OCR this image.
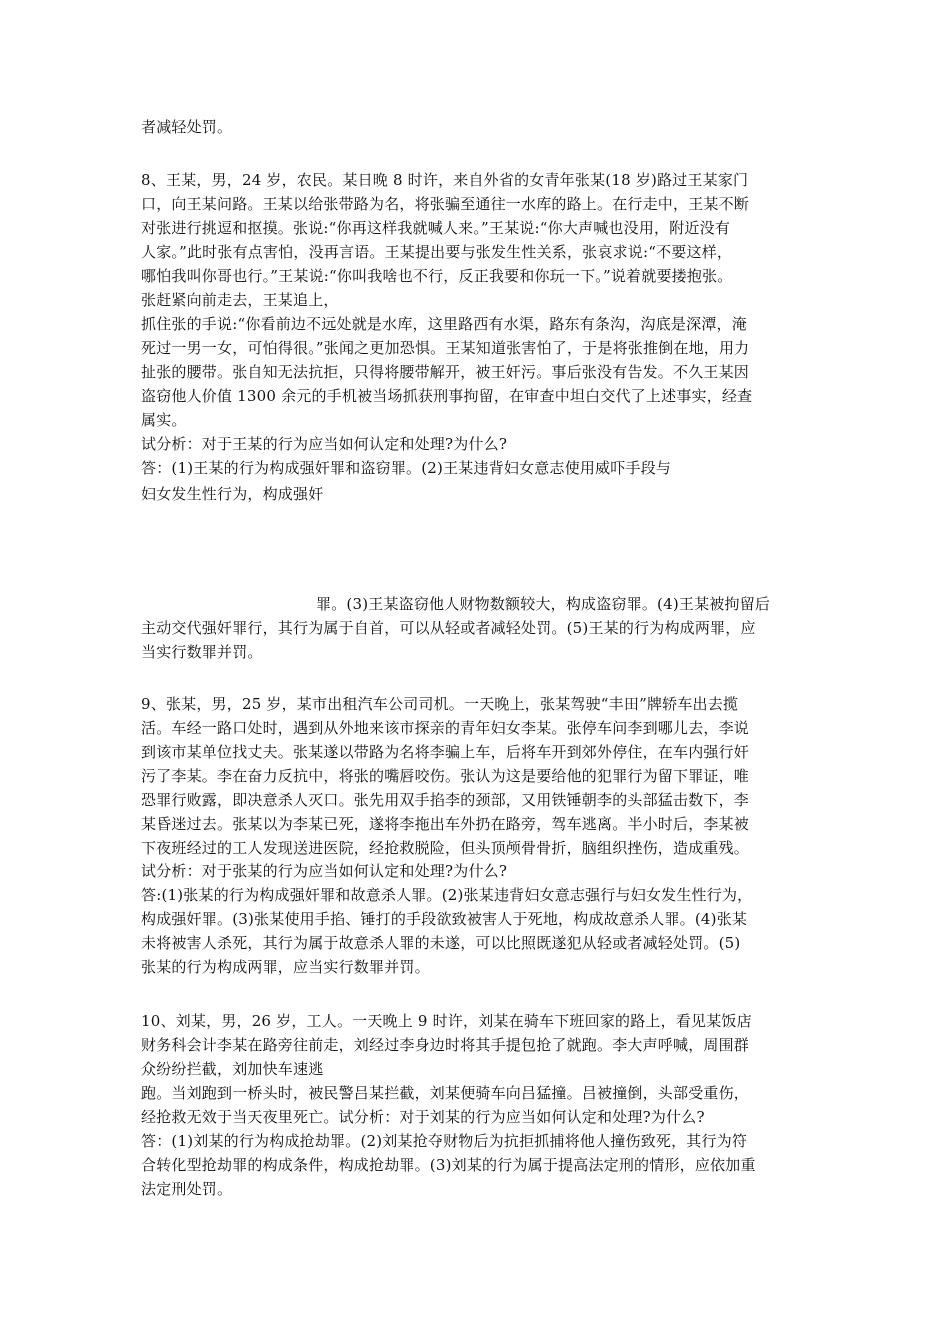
者减轻处罚。
8、王某，男，24 岁，农民。某日晚 8 时许，来自外省的女青年张某(18 岁)路过王某家门
口，向王某问路。王某以给张带路为名，将张骗至通往一水库的路上。在行走中，王某不断
对张进行挑逗和抠摸。张说:“你再这样我就喊人来。”王某说:“你大声喊也没用，附近没有
人家。”此时张有点害怕，没再言语。王某提出要与张发生性关系，张哀求说:“不要这样，
哪怕我叫你哥也行。”王某说:“你叫我啥也不行，反正我要和你玩一下。”说着就要搂抱张。
张赶紧向前走去，王某追上，
抓住张的手说:“你看前边不远处就是水库，这里路西有水渠，路东有条沟，沟底是深潭，淹
死过一男一女，可怕得很。”张闻之更加恐惧。王某知道张害怕了，于是将张推倒在地，用力
扯张的腰带。张自知无法抗拒，只得将腰带解开，被王奸污。事后张没有告发。不久王某因
盗窃他人价值 1300 余元的手机被当场抓获刑事拘留，在审查中坦白交代了上述事实，经查
属实。
试分析：对于王某的行为应当如何认定和处理?为什么?
答：(1)王某的行为构成强奸罪和盗窃罪。(2)王某违背妇女意志使用威吓手段与
妇女发生性行为，构成强奸
罪。(3)王某盗窃他人财物数额较大，构成盗窃罪。(4)王某被拘留后
主动交代强奸罪行，其行为属于自首，可以从轻或者减轻处罚。(5)王某的行为构成两罪，应
当实行数罪并罚。
9、张某，男，25 岁，某市出租汽车公司司机。一天晚上，张某驾驶“丰田”牌轿车出去揽
活。车经一路口处时，遇到从外地来该市探亲的青年妇女李某。张停车问李到哪儿去，李说
到该市某单位找丈夫。张某遂以带路为名将李骗上车，后将车开到郊外停住，在车内强行奸
污了李某。李在奋力反抗中，将张的嘴唇咬伤。张认为这是要给他的犯罪行为留下罪证，唯
恐罪行败露，即决意杀人灭口。张先用双手掐李的颈部，又用铁锤朝李的头部猛击数下，李
某昏迷过去。张某以为李某已死，遂将李拖出车外扔在路旁，驾车逃离。半小时后，李某被
下夜班经过的工人发现送进医院，经抢救脱险，但头顶颅骨骨折，脑组织挫伤，造成重残。
试分析：对于张某的行为应当如何认定和处理?为什么?
答:(1)张某的行为构成强奸罪和故意杀人罪。(2)张某违背妇女意志强行与妇女发生性行为，
构成强奸罪。(3)张某使用手掐、锤打的手段欲致被害人于死地，构成故意杀人罪。(4)张某
未将被害人杀死，其行为属于故意杀人罪的未遂，可以比照既遂犯从轻或者减轻处罚。(5)
张某的行为构成两罪，应当实行数罪并罚。
10、刘某，男，26 岁，工人。一天晚上 9 时许，刘某在骑车下班回家的路上，看见某饭店
财务科会计李某在路旁往前走，刘经过李身边时将其手提包抢了就跑。李大声呼喊，周围群
众纷纷拦截，刘加快车速逃
跑。当刘跑到一桥头时，被民警吕某拦截，刘某便骑车向吕猛撞。吕被撞倒，头部受重伤，
经抢救无效于当天夜里死亡。试分析：对于刘某的行为应当如何认定和处理?为什么?
答：(1)刘某的行为构成抢劫罪。(2)刘某抢夺财物后为抗拒抓捕将他人撞伤致死，其行为符
合转化型抢劫罪的构成条件，构成抢劫罪。(3)刘某的行为属于提高法定刑的情形，应依加重
法定刑处罚。
